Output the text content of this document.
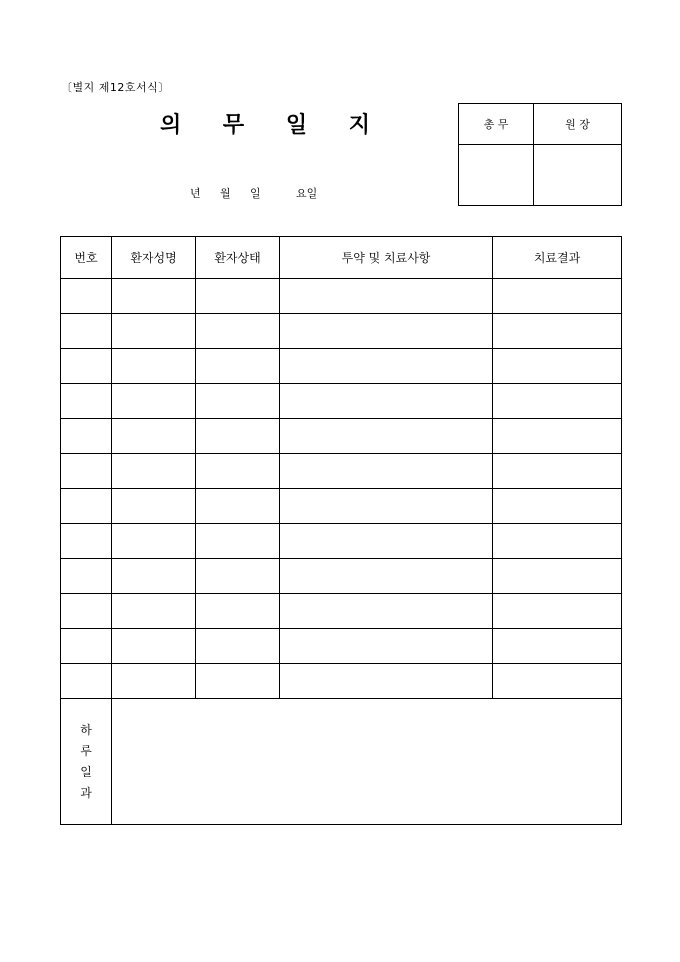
〔별지 제12호서식〕
의 무 일 지
년	월	일	요일
총 무	원 장

번호	환자성명	환자상태	투약 및 치료사항	치료결과

하
루
일
과				
